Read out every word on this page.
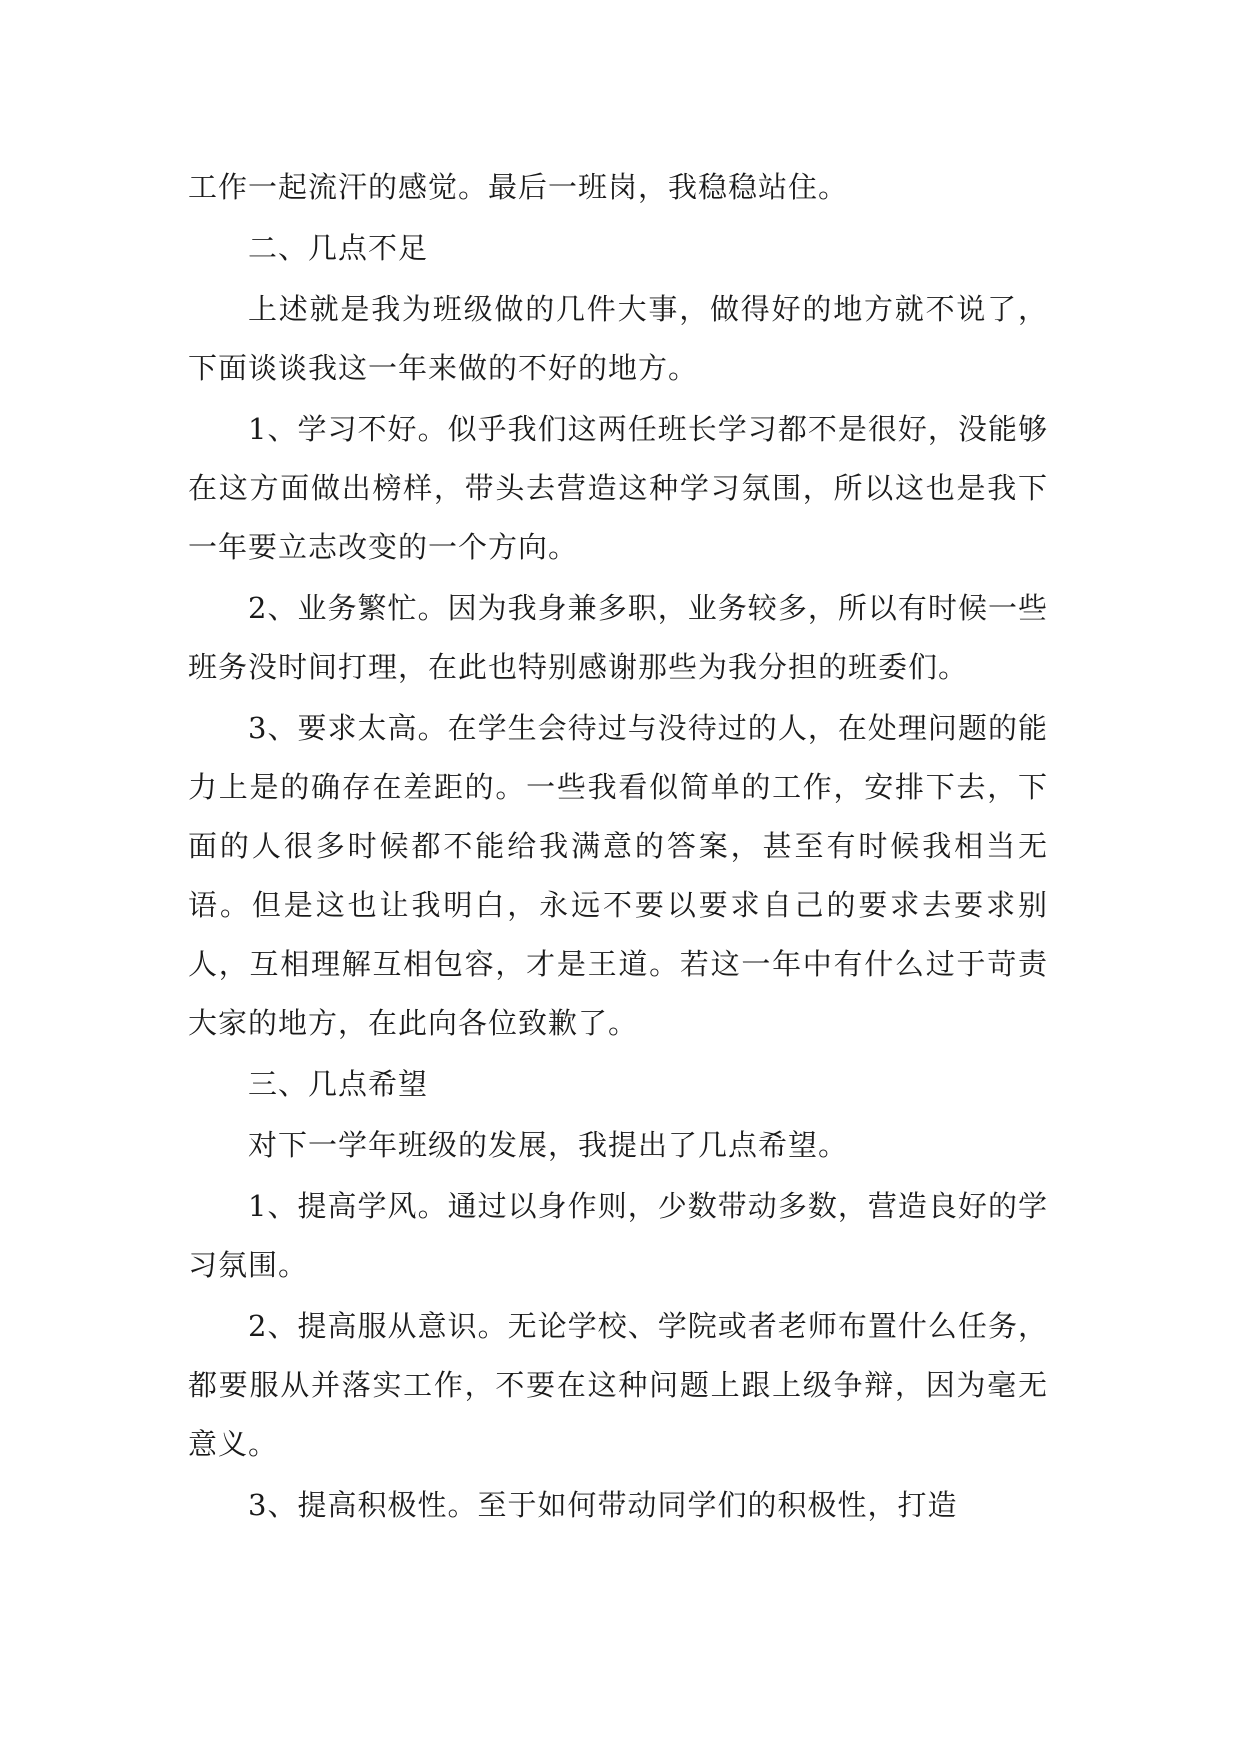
工作一起流汗的感觉。最后一班岗，我稳稳站住。

二、几点不足

上述就是我为班级做的几件大事，做得好的地方就不说了，下面谈谈我这一年来做的不好的地方。

1、学习不好。似乎我们这两任班长学习都不是很好，没能够在这方面做出榜样，带头去营造这种学习氛围，所以这也是我下一年要立志改变的一个方向。

2、业务繁忙。因为我身兼多职，业务较多，所以有时候一些班务没时间打理，在此也特别感谢那些为我分担的班委们。

3、要求太高。在学生会待过与没待过的人，在处理问题的能力上是的确存在差距的。一些我看似简单的工作，安排下去，下面的人很多时候都不能给我满意的答案，甚至有时候我相当无语。但是这也让我明白，永远不要以要求自己的要求去要求别人，互相理解互相包容，才是王道。若这一年中有什么过于苛责大家的地方，在此向各位致歉了。

三、几点希望

对下一学年班级的发展，我提出了几点希望。

1、提高学风。通过以身作则，少数带动多数，营造良好的学习氛围。

2、提高服从意识。无论学校、学院或者老师布置什么任务，都要服从并落实工作，不要在这种问题上跟上级争辩，因为毫无意义。

3、提高积极性。至于如何带动同学们的积极性，打造
